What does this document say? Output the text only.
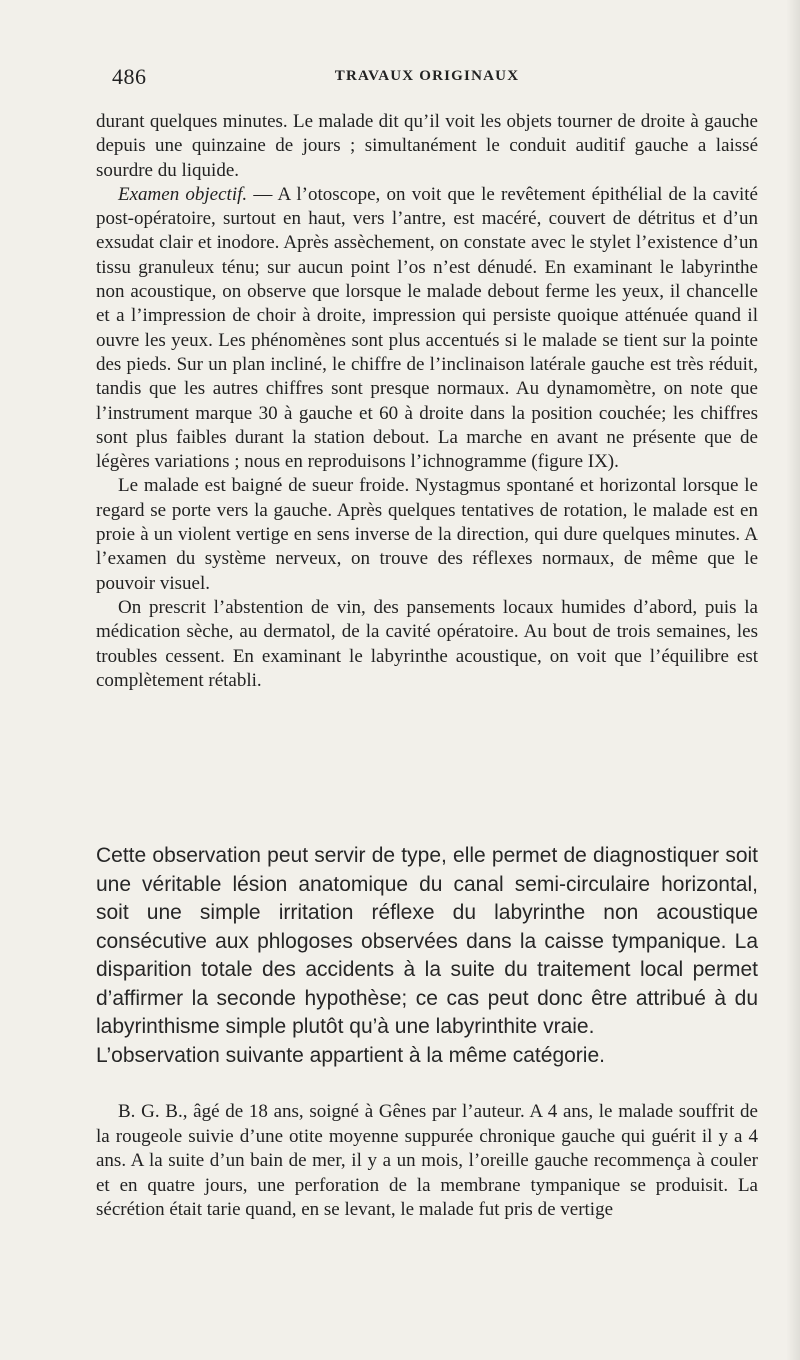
486	TRAVAUX ORIGINAUX

durant quelques minutes. Le malade dit qu’il voit les objets tourner de droite à gauche depuis une quinzaine de jours ; simultanément le conduit auditif gauche a laissé sourdre du liquide.

Examen objectif. — A l’otoscope, on voit que le revêtement épithélial de la cavité post-opératoire, surtout en haut, vers l’antre, est macéré, couvert de détritus et d’un exsudat clair et inodore. Après assèchement, on constate avec le stylet l’existence d’un tissu granuleux ténu; sur aucun point l’os n’est dénudé. En examinant le labyrinthe non acoustique, on observe que lorsque le malade debout ferme les yeux, il chancelle et a l’impression de choir à droite, impression qui persiste quoique atténuée quand il ouvre les yeux. Les phénomènes sont plus accentués si le malade se tient sur la pointe des pieds. Sur un plan incliné, le chiffre de l’inclinaison latérale gauche est très réduit, tandis que les autres chiffres sont presque normaux. Au dynamomètre, on note que l’instrument marque 30 à gauche et 60 à droite dans la position couchée; les chiffres sont plus faibles durant la station debout. La marche en avant ne présente que de légères variations ; nous en reproduisons l’ichnogramme (figure IX).

Le malade est baigné de sueur froide. Nystagmus spontané et horizontal lorsque le regard se porte vers la gauche. Après quelques tentatives de rotation, le malade est en proie à un violent vertige en sens inverse de la direction, qui dure quelques minutes. A l’examen du système nerveux, on trouve des réflexes normaux, de même que le pouvoir visuel.

On prescrit l’abstention de vin, des pansements locaux humides d’abord, puis la médication sèche, au dermatol, de la cavité opératoire. Au bout de trois semaines, les troubles cessent. En examinant le labyrinthe acoustique, on voit que l’équilibre est complètement rétabli.

Cette observation peut servir de type, elle permet de diagnostiquer soit une véritable lésion anatomique du canal semi-circulaire horizontal, soit une simple irritation réflexe du labyrinthe non acoustique consécutive aux phlogoses observées dans la caisse tympanique. La disparition totale des accidents à la suite du traitement local permet d’affirmer la seconde hypothèse; ce cas peut donc être attribué à du labyrinthisme simple plutôt qu’à une labyrinthite vraie.

L’observation suivante appartient à la même catégorie.

B. G. B., âgé de 18 ans, soigné à Gênes par l’auteur. A 4 ans, le malade souffrit de la rougeole suivie d’une otite moyenne suppurée chronique gauche qui guérit il y a 4 ans. A la suite d’un bain de mer, il y a un mois, l’oreille gauche recommença à couler et en quatre jours, une perforation de la membrane tympanique se produisit. La sécrétion était tarie quand, en se levant, le malade fut pris de vertige
